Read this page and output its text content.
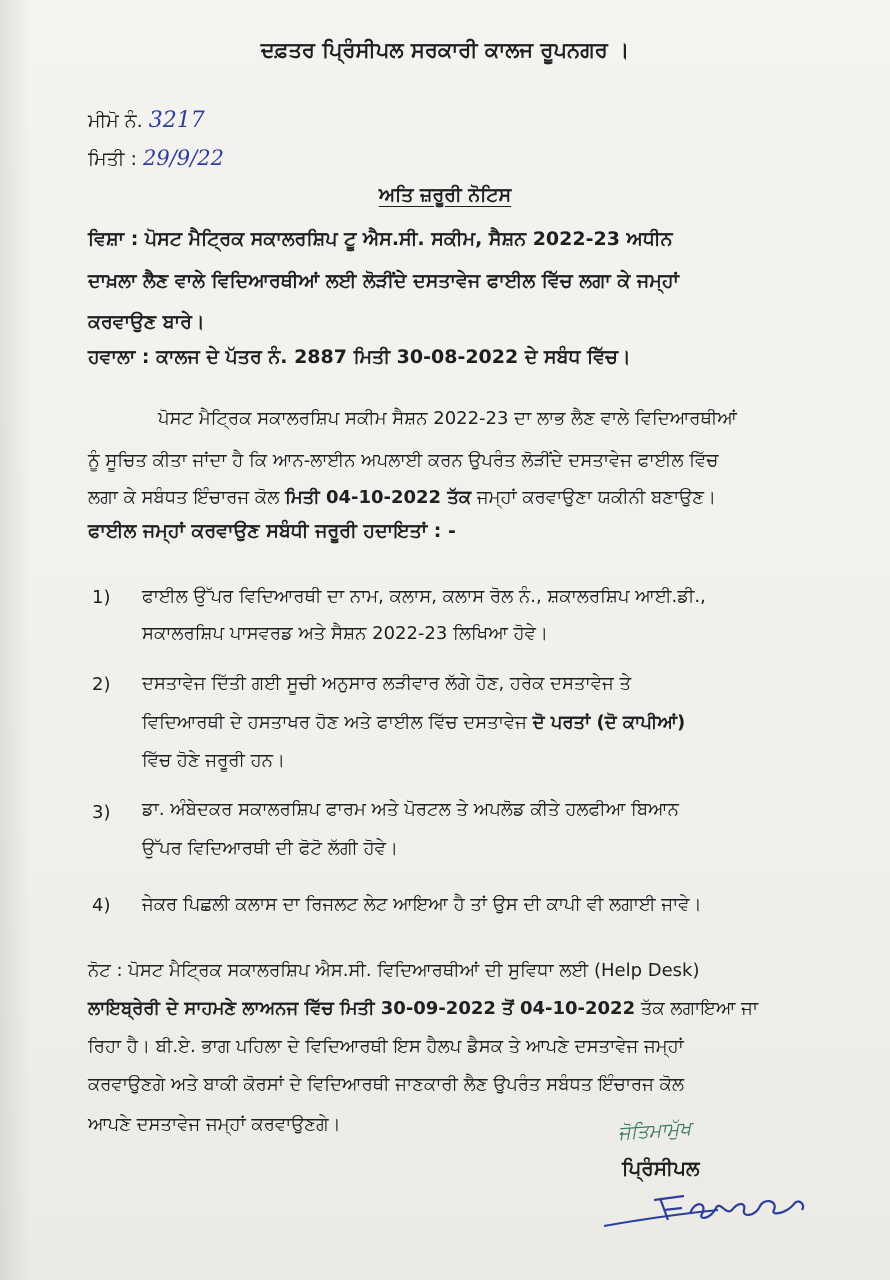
ਦਫ਼ਤਰ ਪ੍ਰਿੰਸੀਪਲ ਸਰਕਾਰੀ ਕਾਲਜ ਰੂਪਨਗਰ ।
ਮੀਮੋ ਨੰ. 3217
ਮਿਤੀ : 29/9/22
ਅਤਿ ਜ਼ਰੂਰੀ ਨੋਟਿਸ
ਵਿਸ਼ਾ : ਪੋਸਟ ਮੈਟ੍ਰਿਕ ਸਕਾਲਰਸ਼ਿਪ ਟੂ ਐਸ.ਸੀ. ਸਕੀਮ, ਸੈਸ਼ਨ 2022-23 ਅਧੀਨ
ਦਾਖ਼ਲਾ ਲੈਣ ਵਾਲੇ ਵਿਦਿਆਰਥੀਆਂ ਲਈ ਲੋੜੀਂਦੇ ਦਸਤਾਵੇਜ ਫਾਈਲ ਵਿੱਚ ਲਗਾ ਕੇ ਜਮ੍ਹਾਂ
ਕਰਵਾਉਣ ਬਾਰੇ।
ਹਵਾਲਾ : ਕਾਲਜ ਦੇ ਪੱਤਰ ਨੰ. 2887 ਮਿਤੀ 30-08-2022 ਦੇ ਸਬੰਧ ਵਿੱਚ।
ਪੋਸਟ ਮੈਟ੍ਰਿਕ ਸਕਾਲਰਸ਼ਿਪ ਸਕੀਮ ਸੈਸ਼ਨ 2022-23 ਦਾ ਲਾਭ ਲੈਣ ਵਾਲੇ ਵਿਦਿਆਰਥੀਆਂ
ਨੂੰ ਸੂਚਿਤ ਕੀਤਾ ਜਾਂਦਾ ਹੈ ਕਿ ਆਨ-ਲਾਈਨ ਅਪਲਾਈ ਕਰਨ ਉਪਰੰਤ ਲੋੜੀਂਦੇ ਦਸਤਾਵੇਜ ਫਾਈਲ ਵਿੱਚ
ਲਗਾ ਕੇ ਸਬੰਧਤ ਇੰਚਾਰਜ ਕੋਲ ਮਿਤੀ 04-10-2022 ਤੱਕ ਜਮ੍ਹਾਂ ਕਰਵਾਉਣਾ ਯਕੀਨੀ ਬਣਾਉਣ।
ਫਾਈਲ ਜਮ੍ਹਾਂ ਕਰਵਾਉਣ ਸਬੰਧੀ ਜਰੂਰੀ ਹਦਾਇਤਾਂ : -
1) ਫਾਈਲ ਉੱਪਰ ਵਿਦਿਆਰਥੀ ਦਾ ਨਾਮ, ਕਲਾਸ, ਕਲਾਸ ਰੋਲ ਨੰ., ਸ਼ਕਾਲਰਸ਼ਿਪ ਆਈ.ਡੀ.,
ਸਕਾਲਰਸ਼ਿਪ ਪਾਸਵਰਡ ਅਤੇ ਸੈਸ਼ਨ 2022-23 ਲਿਖਿਆ ਹੋਵੇ।
2) ਦਸਤਾਵੇਜ ਦਿੱਤੀ ਗਈ ਸੂਚੀ ਅਨੁਸਾਰ ਲੜੀਵਾਰ ਲੱਗੇ ਹੋਣ, ਹਰੇਕ ਦਸਤਾਵੇਜ ਤੇ
ਵਿਦਿਆਰਥੀ ਦੇ ਹਸਤਾਖਰ ਹੋਣ ਅਤੇ ਫਾਈਲ ਵਿੱਚ ਦਸਤਾਵੇਜ ਦੋ ਪਰਤਾਂ (ਦੋ ਕਾਪੀਆਂ)
ਵਿੱਚ ਹੋਣੇ ਜਰੂਰੀ ਹਨ।
3) ਡਾ. ਅੰਬੇਦਕਰ ਸਕਾਲਰਸ਼ਿਪ ਫਾਰਮ ਅਤੇ ਪੋਰਟਲ ਤੇ ਅਪਲੋਡ ਕੀਤੇ ਹਲਫੀਆ ਬਿਆਨ
ਉੱਪਰ ਵਿਦਿਆਰਥੀ ਦੀ ਫੋਟੋ ਲੱਗੀ ਹੋਵੇ।
4) ਜੇਕਰ ਪਿਛਲੀ ਕਲਾਸ ਦਾ ਰਿਜਲਟ ਲੇਟ ਆਇਆ ਹੈ ਤਾਂ ਉਸ ਦੀ ਕਾਪੀ ਵੀ ਲਗਾਈ ਜਾਵੇ।
ਨੋਟ : ਪੋਸਟ ਮੈਟ੍ਰਿਕ ਸਕਾਲਰਸ਼ਿਪ ਐਸ.ਸੀ. ਵਿਦਿਆਰਥੀਆਂ ਦੀ ਸੁਵਿਧਾ ਲਈ (Help Desk)
ਲਾਇਬ੍ਰੇਰੀ ਦੇ ਸਾਹਮਣੇ ਲਾਅਨਜ ਵਿੱਚ ਮਿਤੀ 30-09-2022 ਤੋਂ 04-10-2022 ਤੱਕ ਲਗਾਇਆ ਜਾ
ਰਿਹਾ ਹੈ। ਬੀ.ਏ. ਭਾਗ ਪਹਿਲਾ ਦੇ ਵਿਦਿਆਰਥੀ ਇਸ ਹੈਲਪ ਡੈਸਕ ਤੇ ਆਪਣੇ ਦਸਤਾਵੇਜ ਜਮ੍ਹਾਂ
ਕਰਵਾਉਣਗੇ ਅਤੇ ਬਾਕੀ ਕੋਰਸਾਂ ਦੇ ਵਿਦਿਆਰਥੀ ਜਾਣਕਾਰੀ ਲੈਣ ਉਪਰੰਤ ਸਬੰਧਤ ਇੰਚਾਰਜ ਕੋਲ
ਆਪਣੇ ਦਸਤਾਵੇਜ ਜਮ੍ਹਾਂ ਕਰਵਾਉਣਗੇ।	ਜੋਤਿਮਾਮੁੱਖ
ਪ੍ਰਿੰਸੀਪਲ
